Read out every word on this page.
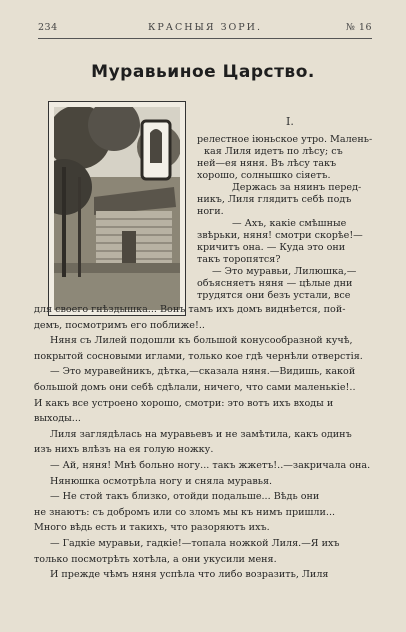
234	КРАСНЫЯ ЗОРИ.	№ 16
Муравьиное Царство.
I.
релестное іюньское утро. Малень-
кая Лиля идетъ по лѣсу; съ
ней—ея няня. Въ лѣсу такъ
хорошо, солнышко сіяетъ.
Держась за няинъ перед-
никъ, Лиля глядитъ себѣ подъ
ноги.
— Ахъ, какіе смѣшные
звѣрьки, няня! смотри скорѣе!—
кричитъ она. — Куда это они
такъ торопятся?
— Это муравьи, Лилюшка,—
объясняетъ няня — цѣлые дни
трудятся они безъ устали, все
для своего гнѣздышка... Вонъ тамъ ихъ домъ виднѣется, пой-
демъ, посмотримъ его поближе!..
Няня съ Лилей подошли къ большой конусообразной кучѣ,
покрытой сосновыми иглами, только кое гдѣ чернѣли отверстія.
— Это муравейникъ, дѣтка,—сказала няня.—Видишь, какой
большой домъ они себѣ сдѣлали, ничего, что сами маленькіе!..
И какъ все устроено хорошо, смотри: это вотъ ихъ входы и
выходы...
Лиля заглядѣлась на муравьевъ и не замѣтила, какъ одинъ
изъ нихъ влѣзъ на ея голую ножку.
— Ай, няня! Мнѣ больно ногу... такъ жжетъ!..—закричала она.
Нянюшка осмотрѣла ногу и сняла муравья.
— Не стой такъ близко, отойди подальше... Вѣдь они
не знаютъ: съ добромъ или со зломъ мы къ нимъ пришли...
Много вѣдь есть и такихъ, что разоряютъ ихъ.
— Гадкіе муравьи, гадкіе!—топала ножкой Лиля.—Я ихъ
только посмотрѣть хотѣла, а они укусили меня.
И прежде чѣмъ няня успѣла что либо возразить, Лиля
